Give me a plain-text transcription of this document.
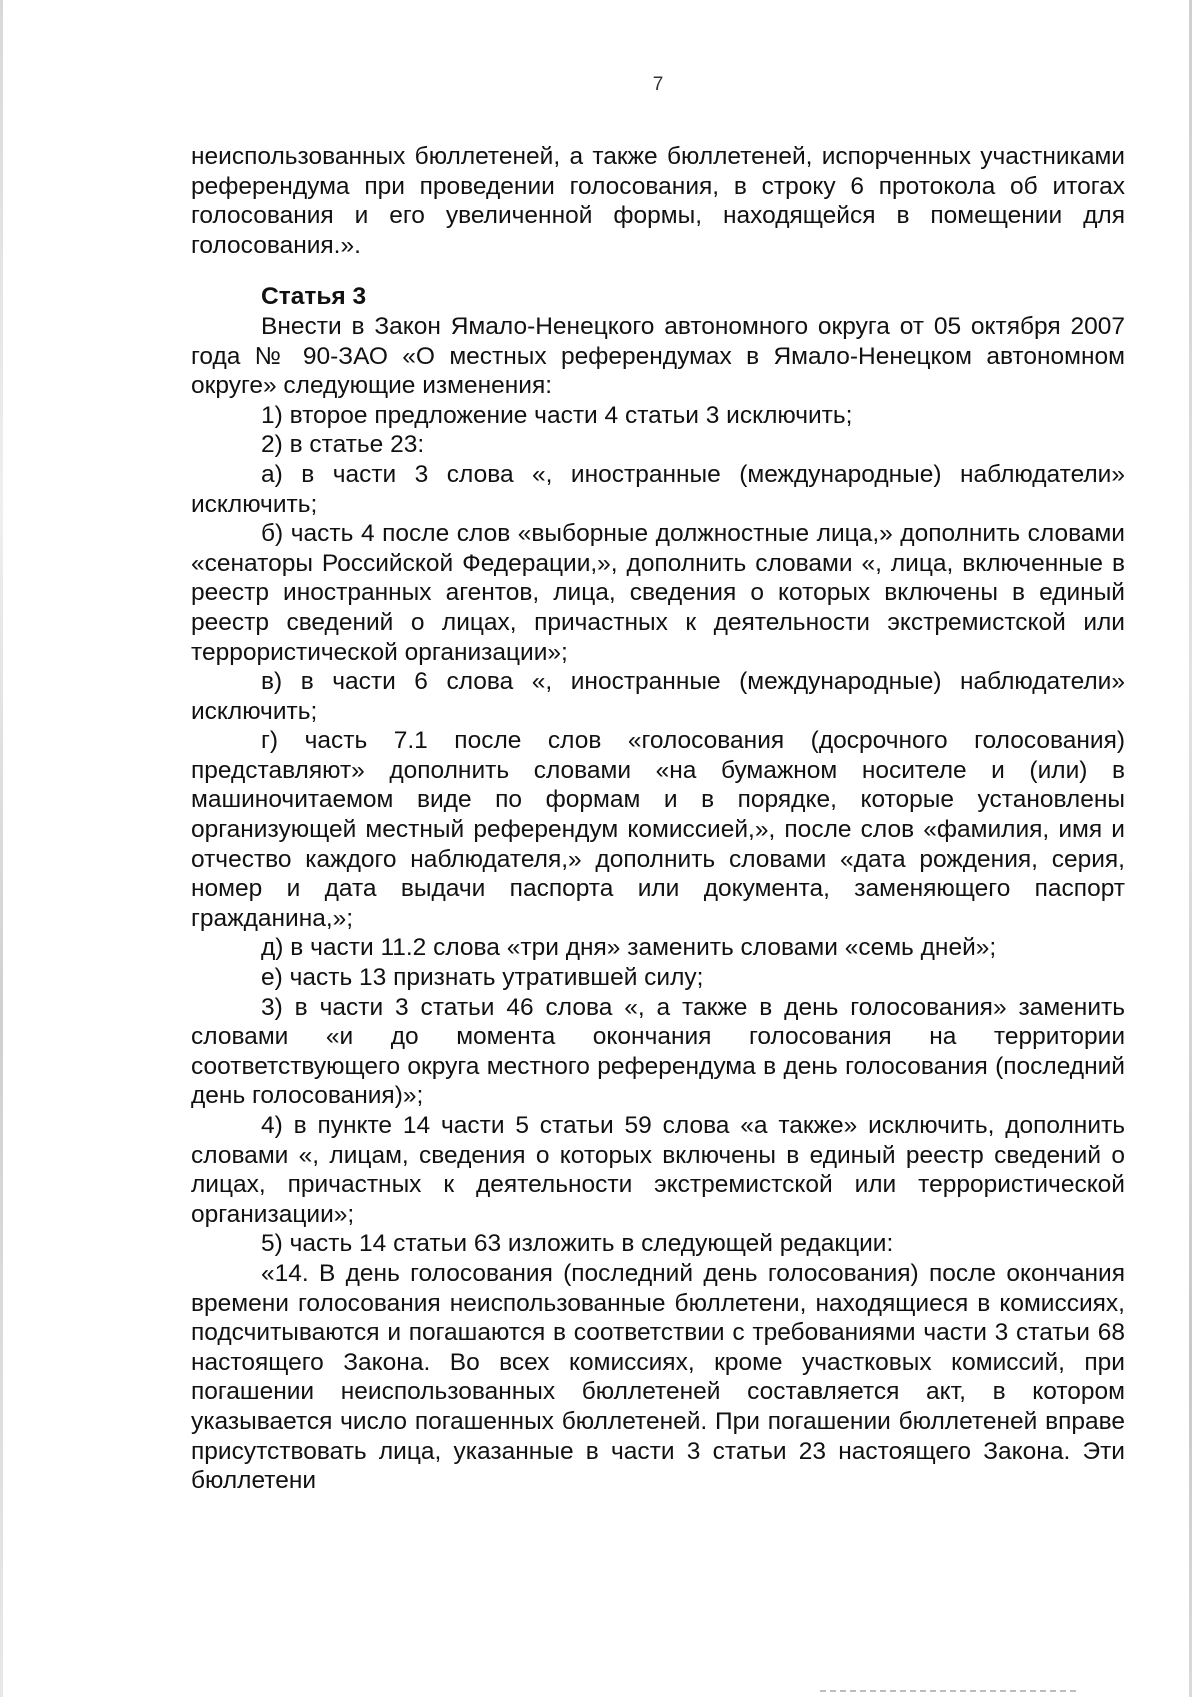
7

неиспользованных бюллетеней, а также бюллетеней, испорченных участниками референдума при проведении голосования, в строку 6 протокола об итогах голосования и его увеличенной формы, находящейся в помещении для голосования.».

Статья 3

Внести в Закон Ямало-Ненецкого автономного округа от 05 октября 2007 года № 90-ЗАО «О местных референдумах в Ямало-Ненецком автономном округе» следующие изменения:

1) второе предложение части 4 статьи 3 исключить;

2) в статье 23:

а) в части 3 слова «, иностранные (международные) наблюдатели» исключить;

б) часть 4 после слов «выборные должностные лица,» дополнить словами «сенаторы Российской Федерации,», дополнить словами «, лица, включенные в реестр иностранных агентов, лица, сведения о которых включены в единый реестр сведений о лицах, причастных к деятельности экстремистской или террористической организации»;

в) в части 6 слова «, иностранные (международные) наблюдатели» исключить;

г) часть 7.1 после слов «голосования (досрочного голосования) представляют» дополнить словами «на бумажном носителе и (или) в машиночитаемом виде по формам и в порядке, которые установлены организующей местный референдум комиссией,», после слов «фамилия, имя и отчество каждого наблюдателя,» дополнить словами «дата рождения, серия, номер и дата выдачи паспорта или документа, заменяющего паспорт гражданина,»;

д) в части 11.2 слова «три дня» заменить словами «семь дней»;

е) часть 13 признать утратившей силу;

3) в части 3 статьи 46 слова «, а также в день голосования» заменить словами «и до момента окончания голосования на территории соответствующего округа местного референдума в день голосования (последний день голосования)»;

4) в пункте 14 части 5 статьи 59 слова «а также» исключить, дополнить словами «, лицам, сведения о которых включены в единый реестр сведений о лицах, причастных к деятельности экстремистской или террористической организации»;

5) часть 14 статьи 63 изложить в следующей редакции:

«14. В день голосования (последний день голосования) после окончания времени голосования неиспользованные бюллетени, находящиеся в комиссиях, подсчитываются и погашаются в соответствии с требованиями части 3 статьи 68 настоящего Закона. Во всех комиссиях, кроме участковых комиссий, при погашении неиспользованных бюллетеней составляется акт, в котором указывается число погашенных бюллетеней. При погашении бюллетеней вправе присутствовать лица, указанные в части 3 статьи 23 настоящего Закона. Эти бюллетени
